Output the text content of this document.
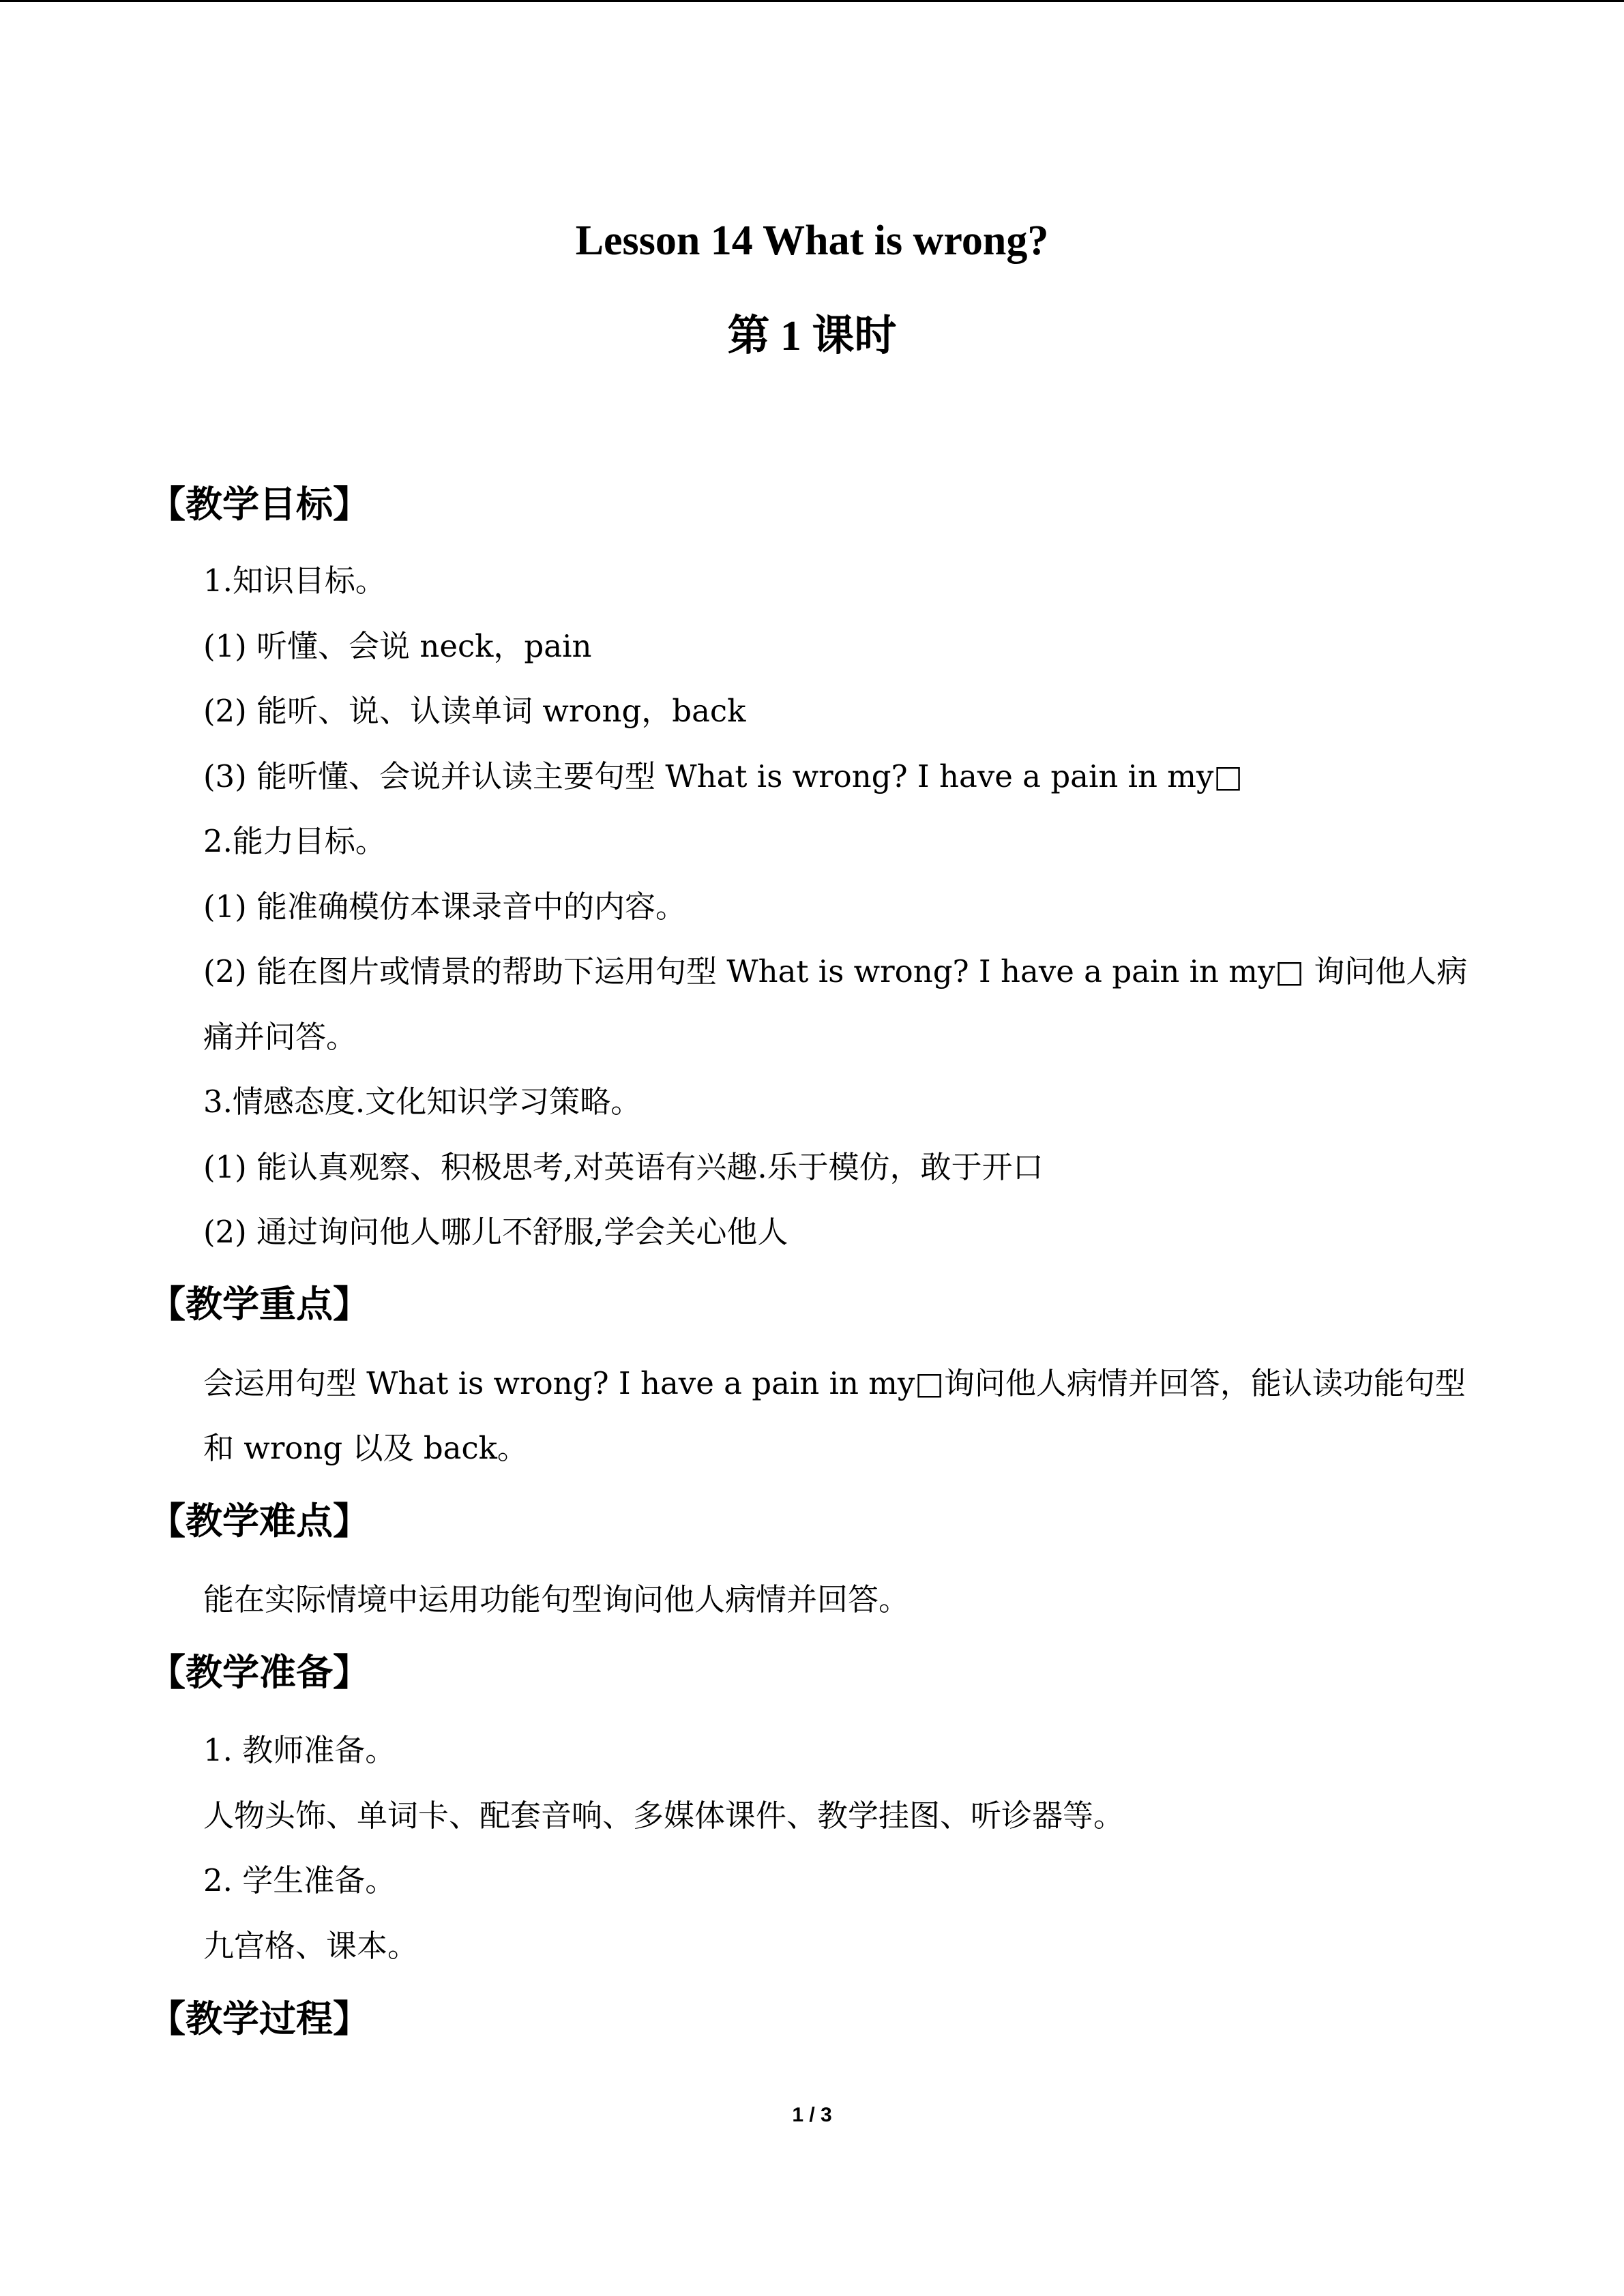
Lesson 14 What is wrong?
第 1 课时
【教学目标】
1.知识目标。
(1) 听懂、会说 neck，pain
(2) 能听、说、认读单词 wrong，back
(3) 能听懂、会说并认读主要句型 What is wrong? I have a pain in my□
2.能力目标。
(1) 能准确模仿本课录音中的内容。
(2) 能在图片或情景的帮助下运用句型 What is wrong? I have a pain in my□ 询问他人病
痛并问答。
3.情感态度.文化知识学习策略。
(1) 能认真观察、积极思考,对英语有兴趣.乐于模仿，敢于开口
(2) 通过询问他人哪儿不舒服,学会关心他人
【教学重点】
会运用句型 What is wrong? I have a pain in my□询问他人病情并回答，能认读功能句型
和 wrong 以及 back。
【教学难点】
能在实际情境中运用功能句型询问他人病情并回答。
【教学准备】
1. 教师准备。
人物头饰、单词卡、配套音响、多媒体课件、教学挂图、听诊器等。
2. 学生准备。
九宫格、课本。
【教学过程】
1 / 3
